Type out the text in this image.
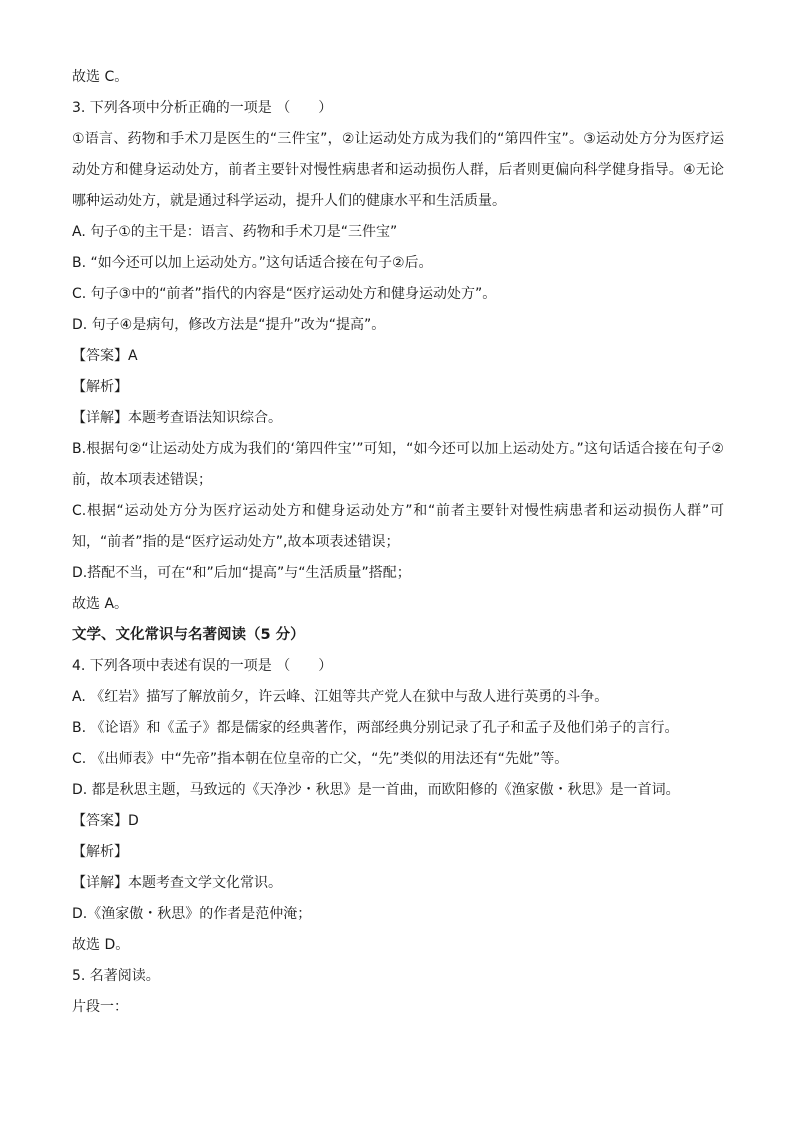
故选 C。
3. 下列各项中分析正确的一项是 （　　）
①语言、药物和手术刀是医生的“三件宝”，②让运动处方成为我们的“第四件宝”。③运动处方分为医疗运动处方和健身运动处方，前者主要针对慢性病患者和运动损伤人群，后者则更偏向科学健身指导。④无论哪种运动处方，就是通过科学运动，提升人们的健康水平和生活质量。
A. 句子①的主干是：语言、药物和手术刀是“三件宝”
B. “如今还可以加上运动处方。”这句话适合接在句子②后。
C. 句子③中的“前者”指代的内容是“医疗运动处方和健身运动处方”。
D. 句子④是病句，修改方法是“提升”改为“提高”。
【答案】A
【解析】
【详解】本题考查语法知识综合。
B.根据句②“让运动处方成为我们的‘第四件宝’”可知，“如今还可以加上运动处方。”这句话适合接在句子②前，故本项表述错误；
C.根据“运动处方分为医疗运动处方和健身运动处方”和“前者主要针对慢性病患者和运动损伤人群”可知，“前者”指的是“医疗运动处方”,故本项表述错误；
D.搭配不当，可在“和”后加“提高”与“生活质量”搭配；
故选 A。
文学、文化常识与名著阅读（5 分）
4. 下列各项中表述有误的一项是 （　　）
A. 《红岩》描写了解放前夕，许云峰、江姐等共产党人在狱中与敌人进行英勇的斗争。
B. 《论语》和《孟子》都是儒家的经典著作，两部经典分别记录了孔子和孟子及他们弟子的言行。
C. 《出师表》中“先帝”指本朝在位皇帝的亡父，“先”类似的用法还有“先妣”等。
D. 都是秋思主题，马致远的《天净沙・秋思》是一首曲，而欧阳修的《渔家傲・秋思》是一首词。
【答案】D
【解析】
【详解】本题考查文学文化常识。
D.《渔家傲・秋思》的作者是范仲淹；
故选 D。
5. 名著阅读。
片段一：
